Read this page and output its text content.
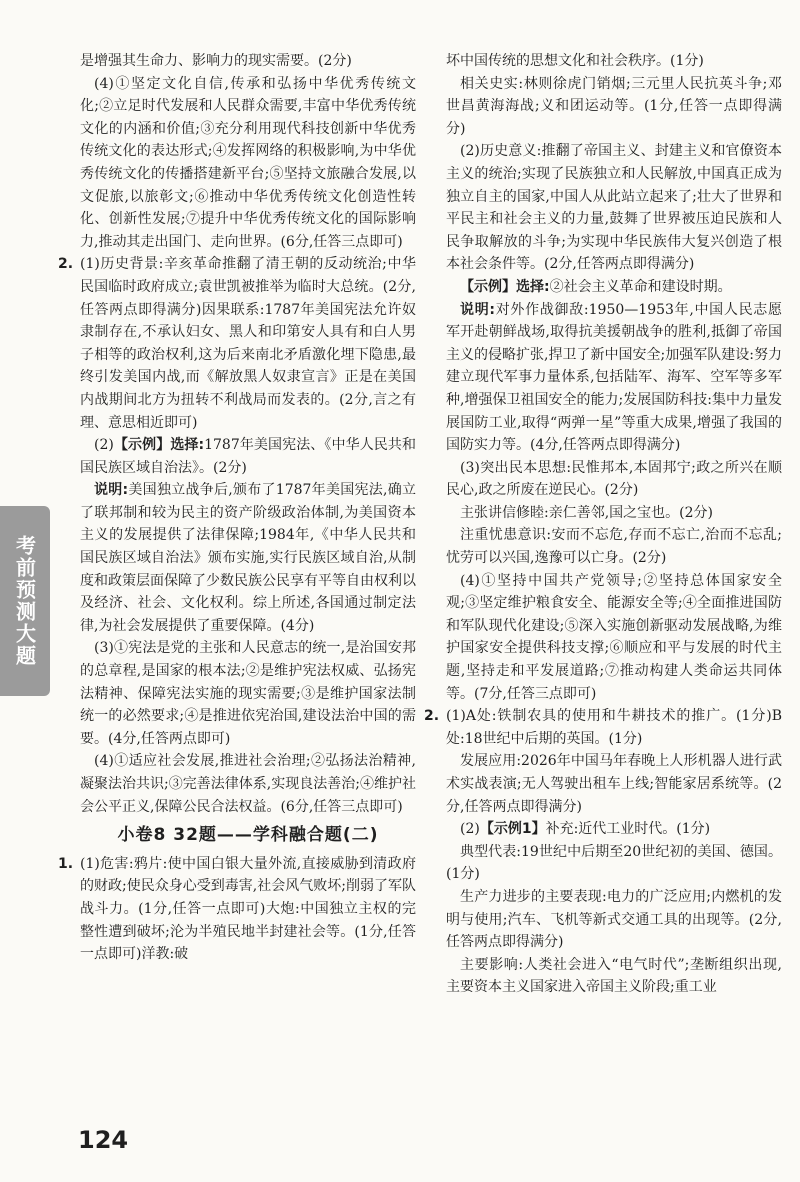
考前预测大题

是增强其生命力、影响力的现实需要。(2分)

(4)①坚定文化自信,传承和弘扬中华优秀传统文化;②立足时代发展和人民群众需要,丰富中华优秀传统文化的内涵和价值;③充分利用现代科技创新中华优秀传统文化的表达形式;④发挥网络的积极影响,为中华优秀传统文化的传播搭建新平台;⑤坚持文旅融合发展,以文促旅,以旅彰文;⑥推动中华优秀传统文化创造性转化、创新性发展;⑦提升中华优秀传统文化的国际影响力,推动其走出国门、走向世界。(6分,任答三点即可)

2. (1)历史背景:辛亥革命推翻了清王朝的反动统治;中华民国临时政府成立;袁世凯被推举为临时大总统。(2分,任答两点即得满分)因果联系:1787年美国宪法允许奴隶制存在,不承认妇女、黑人和印第安人具有和白人男子相等的政治权利,这为后来南北矛盾激化埋下隐患,最终引发美国内战,而《解放黑人奴隶宣言》正是在美国内战期间北方为扭转不利战局而发表的。(2分,言之有理、意思相近即可)

(2)【示例】选择:1787年美国宪法、《中华人民共和国民族区域自治法》。(2分)

说明:美国独立战争后,颁布了1787年美国宪法,确立了联邦制和较为民主的资产阶级政治体制,为美国资本主义的发展提供了法律保障;1984年,《中华人民共和国民族区域自治法》颁布实施,实行民族区域自治,从制度和政策层面保障了少数民族公民享有平等自由权利以及经济、社会、文化权利。综上所述,各国通过制定法律,为社会发展提供了重要保障。(4分)

(3)①宪法是党的主张和人民意志的统一,是治国安邦的总章程,是国家的根本法;②是维护宪法权威、弘扬宪法精神、保障宪法实施的现实需要;③是维护国家法制统一的必然要求;④是推进依宪治国,建设法治中国的需要。(4分,任答两点即可)

(4)①适应社会发展,推进社会治理;②弘扬法治精神,凝聚法治共识;③完善法律体系,实现良法善治;④维护社会公平正义,保障公民合法权益。(6分,任答三点即可)

小卷8 32题——学科融合题(二)

1. (1)危害:鸦片:使中国白银大量外流,直接威胁到清政府的财政;使民众身心受到毒害,社会风气败坏;削弱了军队战斗力。(1分,任答一点即可)大炮:中国独立主权的完整性遭到破坏;沦为半殖民地半封建社会等。(1分,任答一点即可)洋教:破

坏中国传统的思想文化和社会秩序。(1分)

相关史实:林则徐虎门销烟;三元里人民抗英斗争;邓世昌黄海海战;义和团运动等。(1分,任答一点即得满分)

(2)历史意义:推翻了帝国主义、封建主义和官僚资本主义的统治;实现了民族独立和人民解放,中国真正成为独立自主的国家,中国人从此站立起来了;壮大了世界和平民主和社会主义的力量,鼓舞了世界被压迫民族和人民争取解放的斗争;为实现中华民族伟大复兴创造了根本社会条件等。(2分,任答两点即得满分)

【示例】选择:②社会主义革命和建设时期。

说明:对外作战御敌:1950—1953年,中国人民志愿军开赴朝鲜战场,取得抗美援朝战争的胜利,抵御了帝国主义的侵略扩张,捍卫了新中国安全;加强军队建设:努力建立现代军事力量体系,包括陆军、海军、空军等多军种,增强保卫祖国安全的能力;发展国防科技:集中力量发展国防工业,取得“两弹一星”等重大成果,增强了我国的国防实力等。(4分,任答两点即得满分)

(3)突出民本思想:民惟邦本,本固邦宁;政之所兴在顺民心,政之所废在逆民心。(2分)

主张讲信修睦:亲仁善邻,国之宝也。(2分)

注重忧患意识:安而不忘危,存而不忘亡,治而不忘乱;忧劳可以兴国,逸豫可以亡身。(2分)

(4)①坚持中国共产党领导;②坚持总体国家安全观;③坚定维护粮食安全、能源安全等;④全面推进国防和军队现代化建设;⑤深入实施创新驱动发展战略,为维护国家安全提供科技支撑;⑥顺应和平与发展的时代主题,坚持走和平发展道路;⑦推动构建人类命运共同体等。(7分,任答三点即可)

2. (1)A处:铁制农具的使用和牛耕技术的推广。(1分)B处:18世纪中后期的英国。(1分)

发展应用:2026年中国马年春晚上人形机器人进行武术实战表演;无人驾驶出租车上线;智能家居系统等。(2分,任答两点即得满分)

(2)【示例1】补充:近代工业时代。(1分)

典型代表:19世纪中后期至20世纪初的美国、德国。(1分)

生产力进步的主要表现:电力的广泛应用;内燃机的发明与使用;汽车、飞机等新式交通工具的出现等。(2分,任答两点即得满分)

主要影响:人类社会进入“电气时代”;垄断组织出现,主要资本主义国家进入帝国主义阶段;重工业

124
